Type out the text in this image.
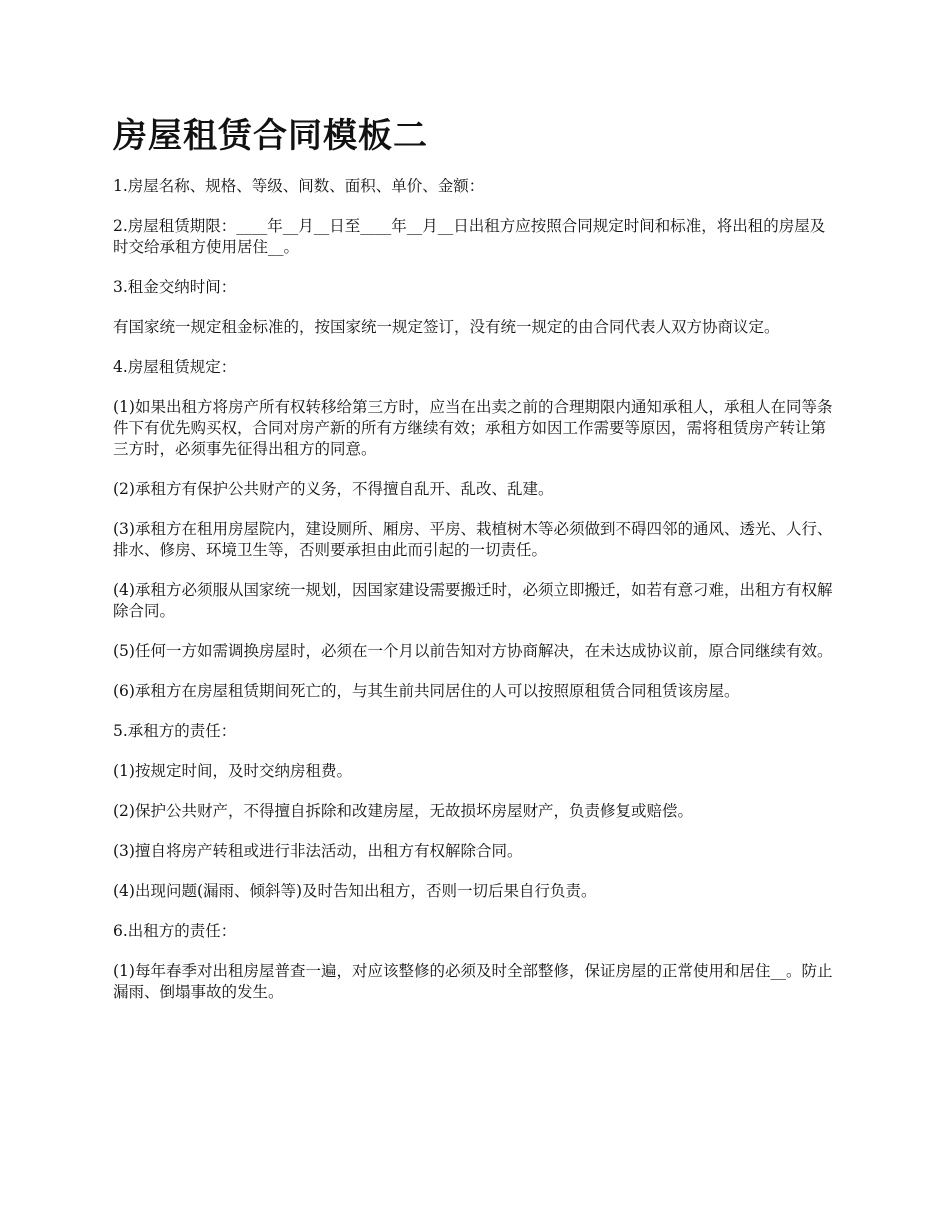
房屋租赁合同模板二

1.房屋名称、规格、等级、间数、面积、单价、金额：

2.房屋租赁期限：____年__月__日至____年__月__日出租方应按照合同规定时间和标准，将出租的房屋及时交给承租方使用居住__。

3.租金交纳时间：

有国家统一规定租金标准的，按国家统一规定签订，没有统一规定的由合同代表人双方协商议定。

4.房屋租赁规定：

(1)如果出租方将房产所有权转移给第三方时，应当在出卖之前的合理期限内通知承租人，承租人在同等条件下有优先购买权，合同对房产新的所有方继续有效；承租方如因工作需要等原因，需将租赁房产转让第三方时，必须事先征得出租方的同意。

(2)承租方有保护公共财产的义务，不得擅自乱开、乱改、乱建。

(3)承租方在租用房屋院内，建设厕所、厢房、平房、栽植树木等必须做到不碍四邻的通风、透光、人行、排水、修房、环境卫生等，否则要承担由此而引起的一切责任。

(4)承租方必须服从国家统一规划，因国家建设需要搬迁时，必须立即搬迁，如若有意刁难，出租方有权解除合同。

(5)任何一方如需调换房屋时，必须在一个月以前告知对方协商解决，在未达成协议前，原合同继续有效。

(6)承租方在房屋租赁期间死亡的，与其生前共同居住的人可以按照原租赁合同租赁该房屋。

5.承租方的责任：

(1)按规定时间，及时交纳房租费。

(2)保护公共财产，不得擅自拆除和改建房屋，无故损坏房屋财产，负责修复或赔偿。

(3)擅自将房产转租或进行非法活动，出租方有权解除合同。

(4)出现问题(漏雨、倾斜等)及时告知出租方，否则一切后果自行负责。

6.出租方的责任：

(1)每年春季对出租房屋普查一遍，对应该整修的必须及时全部整修，保证房屋的正常使用和居住__。防止漏雨、倒塌事故的发生。
